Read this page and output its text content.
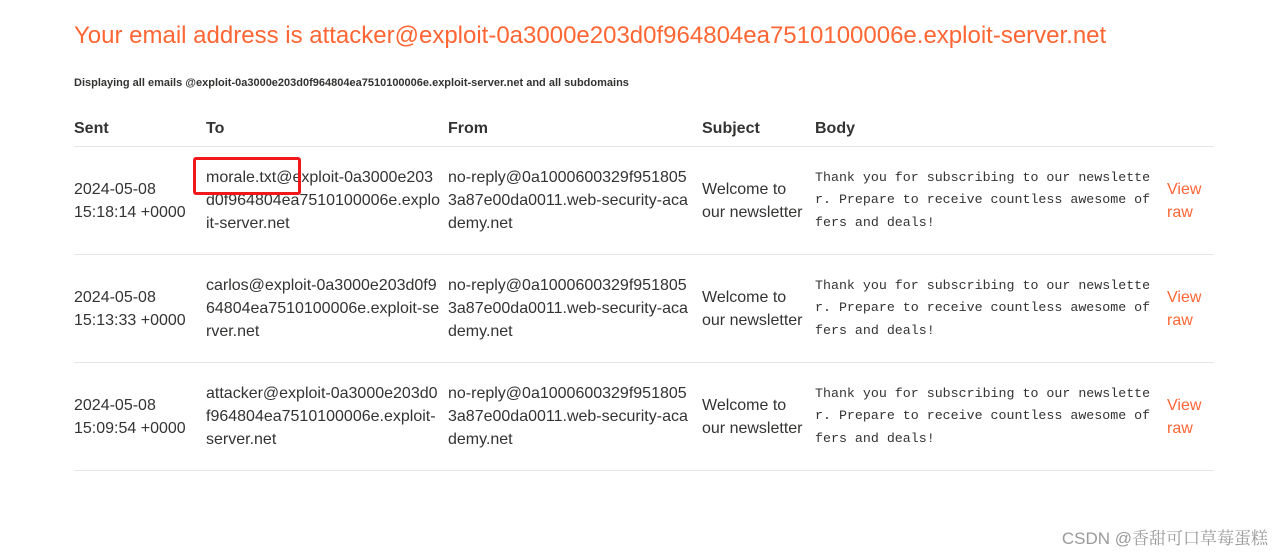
Your email address is attacker@exploit-0a3000e203d0f964804ea7510100006e.exploit-server.net
Displaying all emails @exploit-0a3000e203d0f964804ea7510100006e.exploit-server.net and all subdomains
Sent	To	From	Subject	Body	
2024-05-08 15:18:14 +0000	morale.txt@exploit-0a3000e203d0f964804ea7510100006e.exploit-server.net	no-reply@0a1000600329f9518053a87e00da0011.web-security-academy.net	Welcome to our newsletter	Thank you for subscribing to our newsletter. Prepare to receive countless awesome offers and deals!	View raw
2024-05-08 15:13:33 +0000	carlos@exploit-0a3000e203d0f964804ea7510100006e.exploit-server.net	no-reply@0a1000600329f9518053a87e00da0011.web-security-academy.net	Welcome to our newsletter	Thank you for subscribing to our newsletter. Prepare to receive countless awesome offers and deals!	View raw
2024-05-08 15:09:54 +0000	attacker@exploit-0a3000e203d0f964804ea7510100006e.exploit-server.net	no-reply@0a1000600329f9518053a87e00da0011.web-security-academy.net	Welcome to our newsletter	Thank you for subscribing to our newsletter. Prepare to receive countless awesome offers and deals!	View raw
CSDN @香甜可口草莓蛋糕
